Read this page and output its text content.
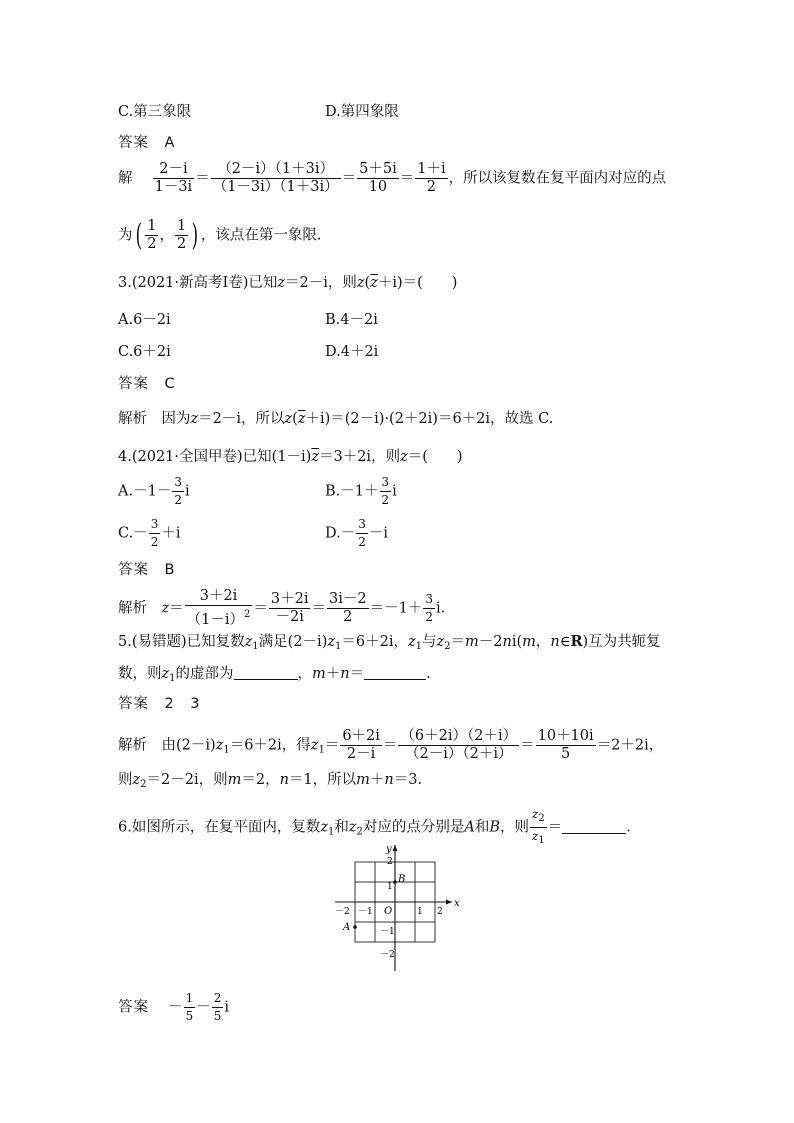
C.第三象限	D.第四象限
答案　 A
解　 $\frac{2-i}{1-3i} = \frac{(2-i)(1+3i)}{(1-3i)(1+3i)} = \frac{5+5i}{10} = \frac{1+i}{2}$ ，所以该复数在复平面内对应的点
为( $\frac{1}{2}$ ， $\frac{1}{2}$ ) ，该点在第一象限.
3.(2021·新高考Ⅰ卷)已知z＝2－i，则$z(\overline{z}+i)=$(　　)
A.6－2i	B.4－2i
C.6＋2i	D.4＋2i
答案　 C
解析　 因为z＝2－i，所以$z(\overline{z}+i)=(2-i)\cdot(2+2i)=6+2i$，故选 C.
4.(2021·全国甲卷)已知$(1-i)\overline{z}=3+2i$，则z＝(　　)
$A.-1- \frac{3}{2}$ i	$B.-1+ \frac{3}{2}$ i
$C.- \frac{3}{2} +i$	$D.- \frac{3}{2} -i$
答案　 B
解析　 $z= \frac{3+2i}{(1-i)^2} = \frac{3+2i}{-2i} = \frac{3i-2}{2} =-1+ \frac{3}{2} i$.
5.(易错题)已知复数$z_1$满足$(2-i)z_1=6+2i$，$z_1$与$z_2=m-2ni(m$，n∈R)互为共轭复
数，则$z_1$的虚部为	，m＋n＝	.
答案　 2　3
解析　 由$(2-i)z_1=6+2i$，得$z_1= \frac{6+2i}{2-i} = \frac{(6+2i)(2+i)}{(2-i)(2+i)} = \frac{10+10i}{5} =2+2i$，
则$z_2=2-2i$，则m＝2，n＝1，所以m＋n＝3.
6.如图所示，在复平面内，复数$z_1$和$z_2$对应的点分别是A和B，则 $\frac{z_2}{z_1}$ ＝	.
x
y
O
－2 －1	1 2
2
1
－1
－2
B
A
答案　 － $\frac{1}{5} - \frac{2}{5}$ i
